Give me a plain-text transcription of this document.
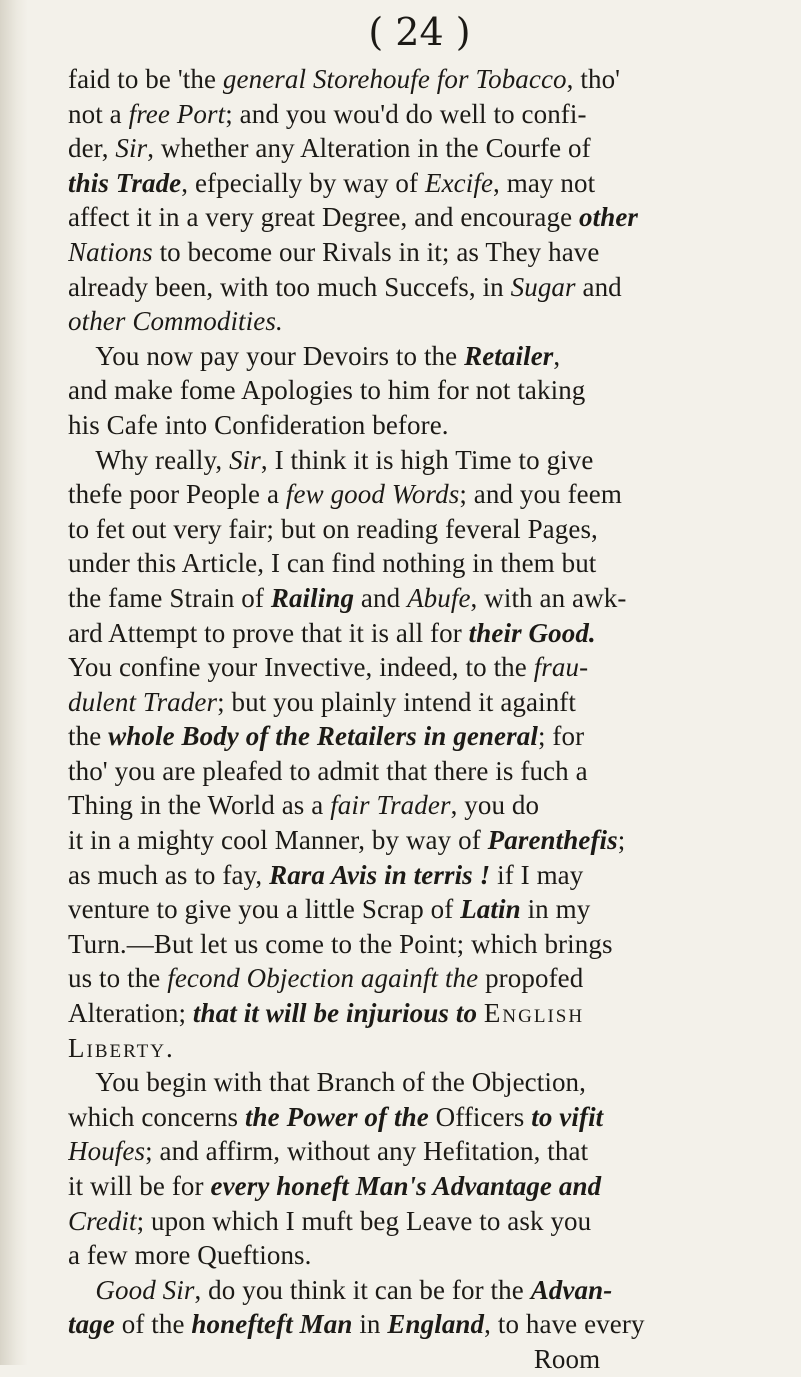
( 24 )
faid to be 'the general Storehoufe for Tobacco, tho'
not a free Port; and you wou'd do well to confi-
der, Sir, whether any Alteration in the Courfe of
this Trade, efpecially by way of Excife, may not
affect it in a very great Degree, and encourage other
Nations to become our Rivals in it; as They have
already been, with too much Succefs, in Sugar and
other Commodities.
You now pay your Devoirs to the Retailer,
and make fome Apologies to him for not taking
his Cafe into Confideration before.
Why really, Sir, I think it is high Time to give
thefe poor People a few good Words; and you feem
to fet out very fair; but on reading feveral Pages,
under this Article, I can find nothing in them but
the fame Strain of Railing and Abufe, with an awk-
ard Attempt to prove that it is all for their Good.
You confine your Invective, indeed, to the frau-
dulent Trader; but you plainly intend it againft
the whole Body of the Retailers in general; for
tho' you are pleafed to admit that there is fuch a
Thing in the World as a fair Trader, you do
it in a mighty cool Manner, by way of Parenthefis;
as much as to fay, Rara Avis in terris ! if I may
venture to give you a little Scrap of Latin in my
Turn.—But let us come to the Point; which brings
us to the fecond Objection againft the propofed
Alteration; that it will be injurious to English
Liberty.
You begin with that Branch of the Objection,
which concerns the Power of the Officers to vifit
Houfes; and affirm, without any Hefitation, that
it will be for every honeft Man's Advantage and
Credit; upon which I muft beg Leave to ask you
a few more Queftions.
Good Sir, do you think it can be for the Advan-
tage of the honefteft Man in England, to have every
Room
